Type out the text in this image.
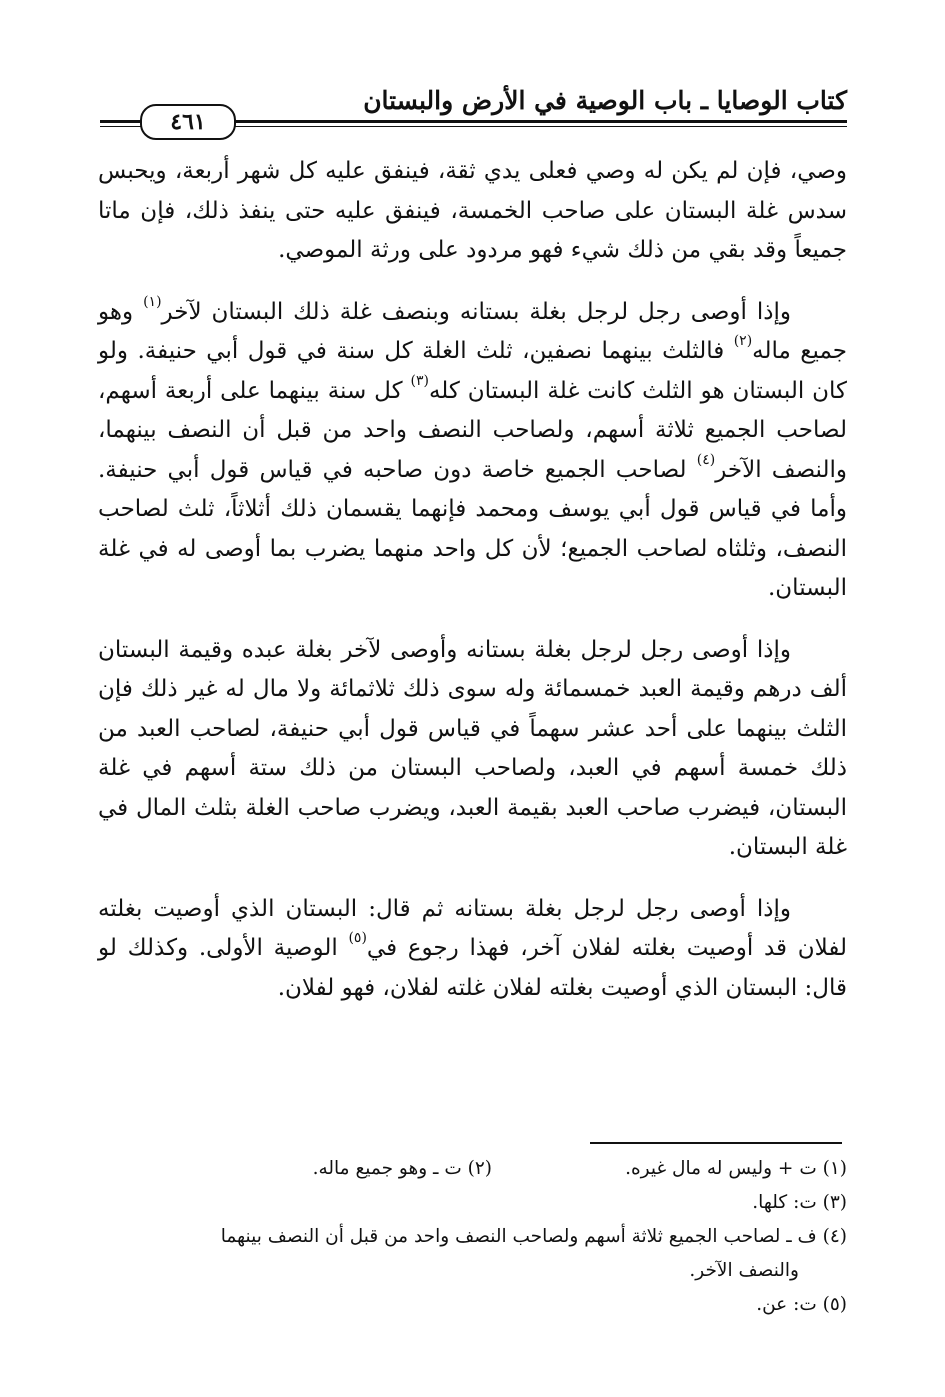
كتاب الوصايا ـ باب الوصية في الأرض والبستان
٤٦١

وصي، فإن لم يكن له وصي فعلى يدي ثقة، فينفق عليه كل شهر أربعة، ويحبس سدس غلة البستان على صاحب الخمسة، فينفق عليه حتى ينفذ ذلك، فإن ماتا جميعاً وقد بقي من ذلك شيء فهو مردود على ورثة الموصي.

وإذا أوصى رجل لرجل بغلة بستانه وبنصف غلة ذلك البستان لآخر$^{(١)}$ وهو جميع ماله$^{(٢)}$ فالثلث بينهما نصفين، ثلث الغلة كل سنة في قول أبي حنيفة. ولو كان البستان هو الثلث كانت غلة البستان كله$^{(٣)}$ كل سنة بينهما على أربعة أسهم، لصاحب الجميع ثلاثة أسهم، ولصاحب النصف واحد من قبل أن النصف بينهما، والنصف الآخر$^{(٤)}$ لصاحب الجميع خاصة دون صاحبه في قياس قول أبي حنيفة. وأما في قياس قول أبي يوسف ومحمد فإنهما يقسمان ذلك أثلاثاً، ثلث لصاحب النصف، وثلثاه لصاحب الجميع؛ لأن كل واحد منهما يضرب بما أوصى له في غلة البستان.

وإذا أوصى رجل لرجل بغلة بستانه وأوصى لآخر بغلة عبده وقيمة البستان ألف درهم وقيمة العبد خمسمائة وله سوى ذلك ثلاثمائة ولا مال له غير ذلك فإن الثلث بينهما على أحد عشر سهماً في قياس قول أبي حنيفة، لصاحب العبد من ذلك خمسة أسهم في العبد، ولصاحب البستان من ذلك ستة أسهم في غلة البستان، فيضرب صاحب العبد بقيمة العبد، ويضرب صاحب الغلة بثلث المال في غلة البستان.

وإذا أوصى رجل لرجل بغلة بستانه ثم قال: البستان الذي أوصيت بغلته لفلان قد أوصيت بغلته لفلان آخر، فهذا رجوع في$^{(٥)}$ الوصية الأولى. وكذلك لو قال: البستان الذي أوصيت بغلته لفلان غلته لفلان، فهو لفلان.

(١) ت + وليس له مال غيره.
(٢) ت ـ وهو جميع ماله.
(٣) ت: كلها.
(٤) ف ـ لصاحب الجميع ثلاثة أسهم ولصاحب النصف واحد من قبل أن النصف بينهما
والنصف الآخر.
(٥) ت: عن.
